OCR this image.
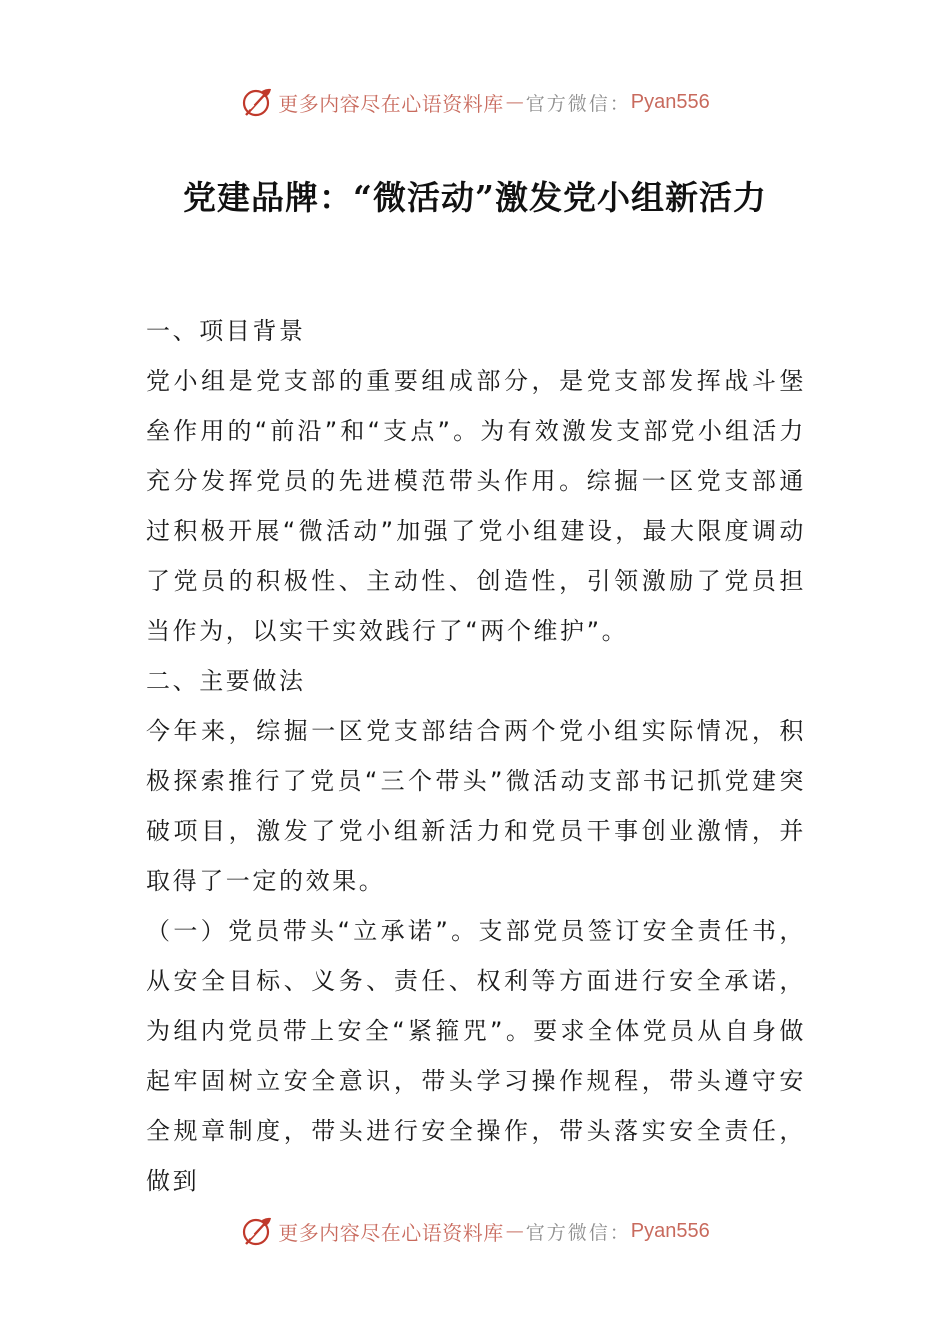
更多内容尽在心语资料库 — 官方微信： Pyan556
党建品牌：“微活动”激发党小组新活力

一、项目背景

党小组是党支部的重要组成部分，是党支部发挥战斗堡垒作用的“前沿”和“支点”。为有效激发支部党小组活力充分发挥党员的先进模范带头作用。综掘一区党支部通过积极开展“微活动”加强了党小组建设，最大限度调动了党员的积极性、主动性、创造性，引领激励了党员担当作为，以实干实效践行了“两个维护”。

二、主要做法

今年来，综掘一区党支部结合两个党小组实际情况，积极探索推行了党员“三个带头”微活动支部书记抓党建突破项目，激发了党小组新活力和党员干事创业激情，并取得了一定的效果。

（一）党员带头“立承诺”。支部党员签订安全责任书，从安全目标、义务、责任、权利等方面进行安全承诺，为组内党员带上安全“紧箍咒”。要求全体党员从自身做起牢固树立安全意识，带头学习操作规程，带头遵守安全规章制度，带头进行安全操作，带头落实安全责任，做到

更多内容尽在心语资料库 — 官方微信： Pyan556
